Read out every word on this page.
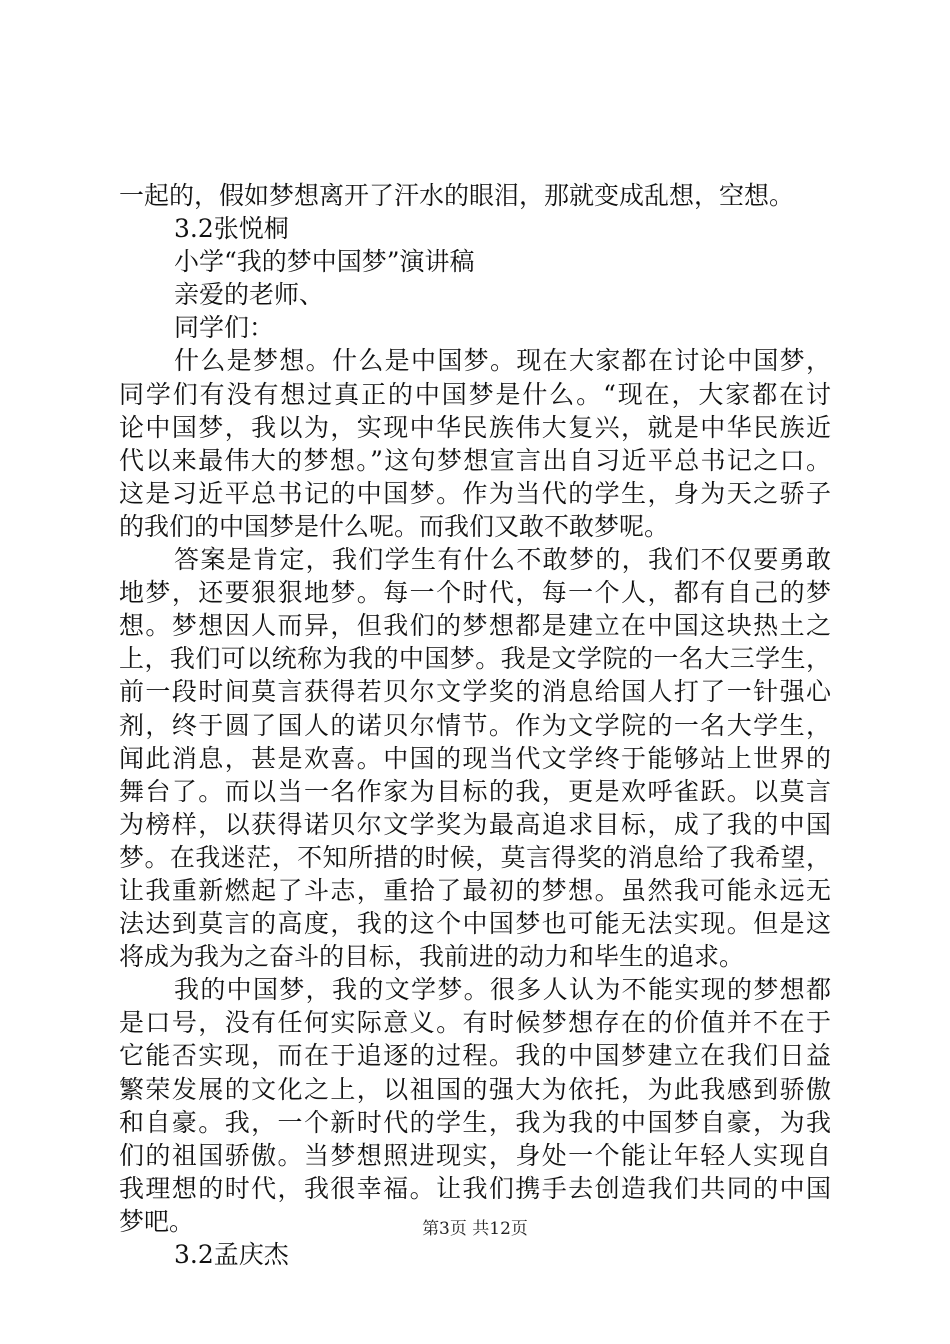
一起的，假如梦想离开了汗水的眼泪，那就变成乱想，空想。
3.2张悦桐
小学“我的梦中国梦”演讲稿
亲爱的老师、
同学们：
什么是梦想。什么是中国梦。现在大家都在讨论中国梦，
同学们有没有想过真正的中国梦是什么。“现在，大家都在讨
论中国梦，我以为，实现中华民族伟大复兴，就是中华民族近
代以来最伟大的梦想。”这句梦想宣言出自习近平总书记之口。
这是习近平总书记的中国梦。作为当代的学生，身为天之骄子
的我们的中国梦是什么呢。而我们又敢不敢梦呢。
答案是肯定，我们学生有什么不敢梦的，我们不仅要勇敢
地梦，还要狠狠地梦。每一个时代，每一个人，都有自己的梦
想。梦想因人而异，但我们的梦想都是建立在中国这块热土之
上，我们可以统称为我的中国梦。我是文学院的一名大三学生，
前一段时间莫言获得若贝尔文学奖的消息给国人打了一针强心
剂，终于圆了国人的诺贝尔情节。作为文学院的一名大学生，
闻此消息，甚是欢喜。中国的现当代文学终于能够站上世界的
舞台了。而以当一名作家为目标的我，更是欢呼雀跃。以莫言
为榜样，以获得诺贝尔文学奖为最高追求目标，成了我的中国
梦。在我迷茫，不知所措的时候，莫言得奖的消息给了我希望，
让我重新燃起了斗志，重拾了最初的梦想。虽然我可能永远无
法达到莫言的高度，我的这个中国梦也可能无法实现。但是这
将成为我为之奋斗的目标，我前进的动力和毕生的追求。
我的中国梦，我的文学梦。很多人认为不能实现的梦想都
是口号，没有任何实际意义。有时候梦想存在的价值并不在于
它能否实现，而在于追逐的过程。我的中国梦建立在我们日益
繁荣发展的文化之上，以祖国的强大为依托，为此我感到骄傲
和自豪。我，一个新时代的学生，我为我的中国梦自豪，为我
们的祖国骄傲。当梦想照进现实，身处一个能让年轻人实现自
我理想的时代，我很幸福。让我们携手去创造我们共同的中国
梦吧。
3.2孟庆杰
第3页 共12页
